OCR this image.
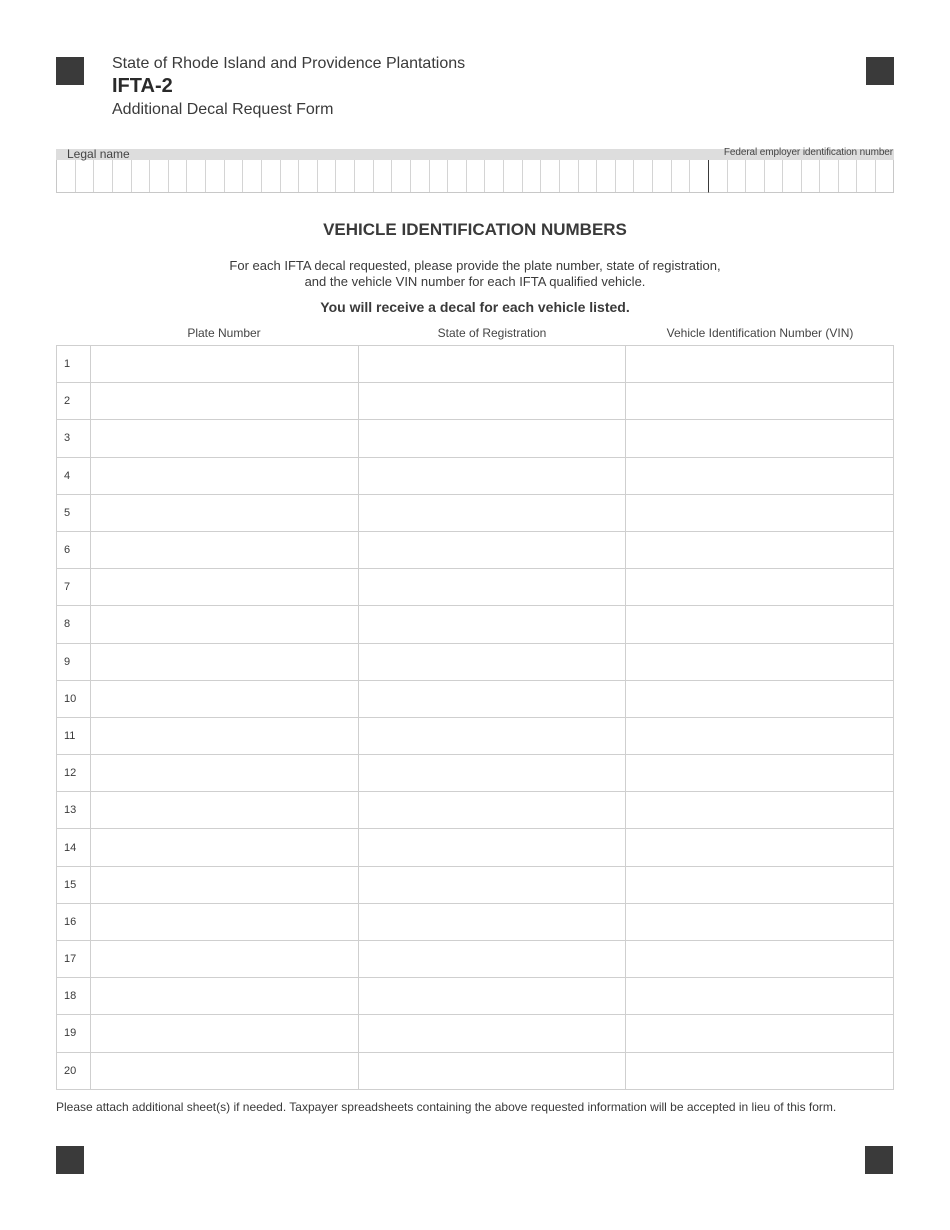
State of Rhode Island and Providence Plantations
IFTA-2
Additional Decal Request Form
Legal name	Federal employer identification number
VEHICLE IDENTIFICATION NUMBERS
For each IFTA decal requested, please provide the plate number, state of registration,
and the vehicle VIN number for each IFTA qualified vehicle.
You will receive a decal for each vehicle listed.
Plate Number	State of Registration	Vehicle Identification Number (VIN)
1
2
3
4
5
6
7
8
9
10
11
12
13
14
15
16
17
18
19
20
Please attach additional sheet(s) if needed. Taxpayer spreadsheets containing the above requested information will be accepted in lieu of this form.
